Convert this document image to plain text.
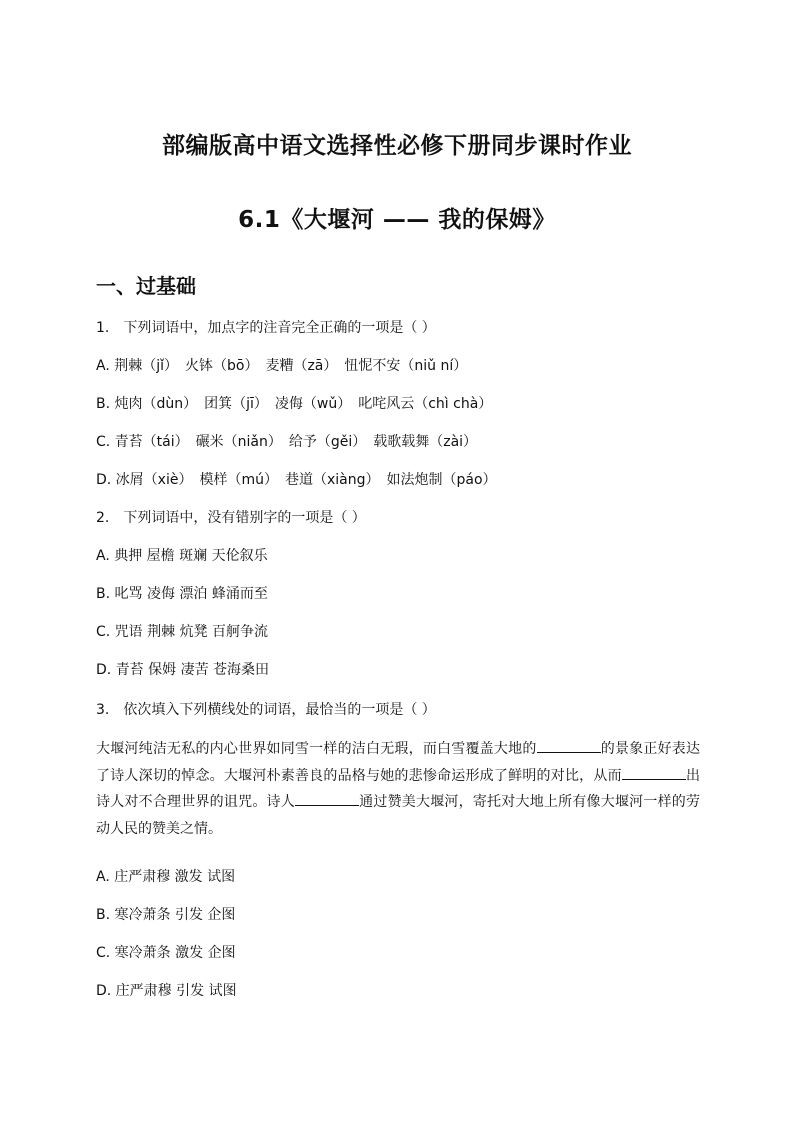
部编版高中语文选择性必修下册同步课时作业
6.1《大堰河 —— 我的保姆》
一、过基础
1.　下列词语中，加点字的注音完全正确的一项是（ ）
A. 荆棘（jǐ）　火钵（bō）　麦糟（zā）　忸怩不安（niǔ ní）
B. 炖肉（dùn）　团箕（jī）　凌侮（wǔ）　叱咤风云（chì chà）
C. 青苔（tái）　碾米（niǎn）　给予（gěi）　载歌载舞（zài）
D. 冰屑（xiè）　模样（mú）　巷道（xiàng）　如法炮制（páo）
2.　下列词语中，没有错别字的一项是（ ）
A. 典押 屋檐 斑斓 天伦叙乐
B. 叱骂 凌侮 漂泊 蜂涌而至
C. 咒语 荆棘 炕凳 百舸争流
D. 青苔 保姆 凄苦 苍海桑田
3.　依次填入下列横线处的词语，最恰当的一项是（ ）
大堰河纯洁无私的内心世界如同雪一样的洁白无瑕，而白雪覆盖大地的	的景象正好表达了诗人深切的悼念。大堰河朴素善良的品格与她的悲惨命运形成了鲜明的对比，从而	出诗人对不合理世界的诅咒。诗人	通过赞美大堰河，寄托对大地上所有像大堰河一样的劳动人民的赞美之情。
A. 庄严肃穆 激发 试图
B. 寒冷萧条 引发 企图
C. 寒冷萧条 激发 企图
D. 庄严肃穆 引发 试图
